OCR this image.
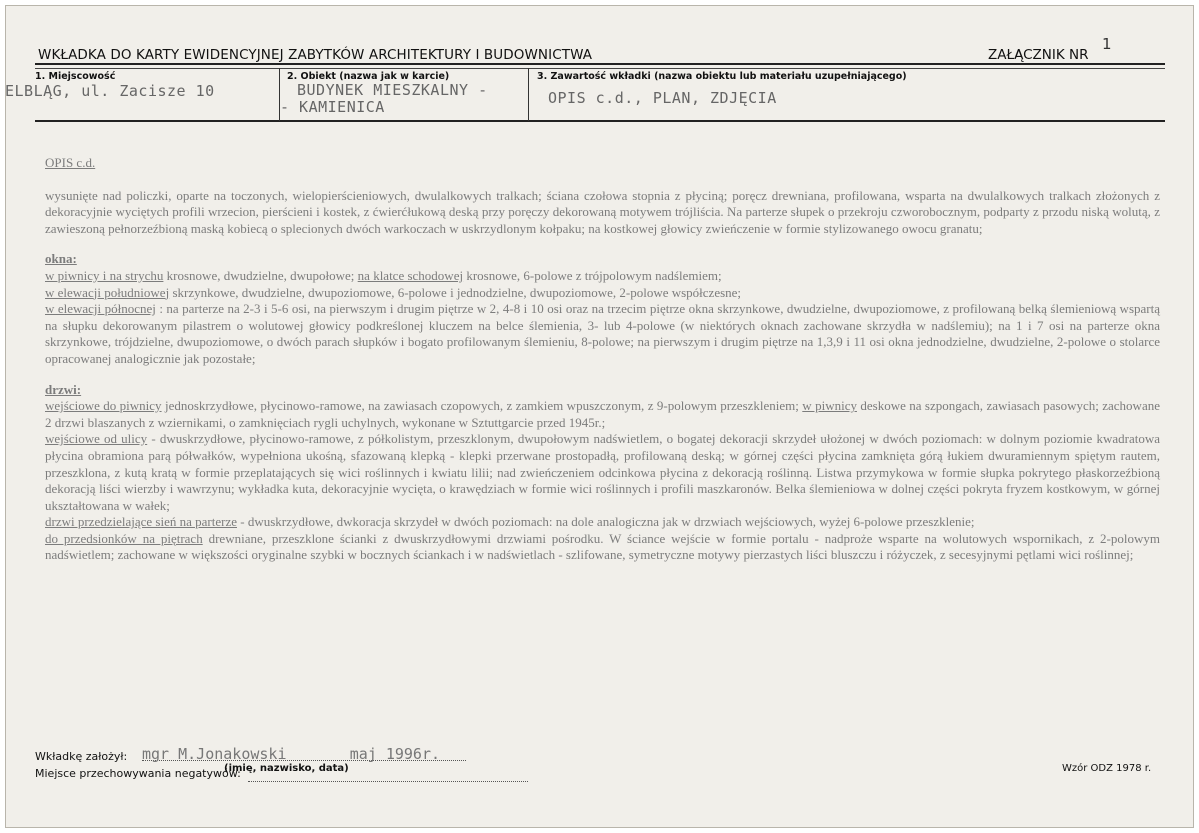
WKŁADKA DO KARTY EWIDENCYJNEJ ZABYTKÓW ARCHITEKTURY I BUDOWNICTWA	ZAŁĄCZNIK NR
1
1. Miejscowość
ELBLĄG, ul. Zacisze 10
2. Obiekt (nazwa jak w karcie)
BUDYNEK MIESZKALNY -
- KAMIENICA
3. Zawartość wkładki (nazwa obiektu lub materiału uzupełniającego)
OPIS c.d., PLAN, ZDJĘCIA

OPIS c.d.

wysunięte nad policzki, oparte na toczonych, wielopierścieniowych, dwulalkowych tralkach; ściana czołowa stopnia z płyciną; poręcz drewniana, profilowana, wsparta na dwulalkowych tralkach złożonych z dekoracyjnie wyciętych profili wrzecion, pierścieni i kostek, z ćwierćłukową deską przy poręczy dekorowaną motywem trójliścia. Na parterze słupek o przekroju czworobocznym, podparty z przodu niską wolutą, z zawieszoną pełnorzeźbioną maską kobiecą o splecionych dwóch warkoczach w uskrzydlonym kołpaku; na kostkowej głowicy zwieńczenie w formie stylizowanego owocu granatu;

okna:

w piwnicy i na strychu krosnowe, dwudzielne, dwupołowe; na klatce schodowej krosnowe, 6-polowe z trójpolowym nadślemiem;

w elewacji południowej skrzynkowe, dwudzielne, dwupoziomowe, 6-polowe i jednodzielne, dwupoziomowe, 2-polowe współczesne;

w elewacji północnej : na parterze na 2-3 i 5-6 osi, na pierwszym i drugim piętrze w 2, 4-8 i 10 osi oraz na trzecim piętrze okna skrzynkowe, dwudzielne, dwupoziomowe, z profilowaną belką ślemieniową wspartą na słupku dekorowanym pilastrem o wolutowej głowicy podkreślonej kluczem na belce ślemienia, 3- lub 4-polowe (w niektórych oknach zachowane skrzydła w nadślemiu); na 1 i 7 osi na parterze okna skrzynkowe, trójdzielne, dwupoziomowe, o dwóch parach słupków i bogato profilowanym ślemieniu, 8-polowe; na pierwszym i drugim piętrze na 1,3,9 i 11 osi okna jednodzielne, dwudzielne, 2-polowe o stolarce opracowanej analogicznie jak pozostałe;

drzwi:

wejściowe do piwnicy jednoskrzydłowe, płycinowo-ramowe, na zawiasach czopowych, z zamkiem wpuszczonym, z 9-polowym przeszkleniem; w piwnicy deskowe na szpongach, zawiasach pasowych; zachowane 2 drzwi blaszanych z wziernikami, o zamknięciach rygli uchylnych, wykonane w Sztuttgarcie przed 1945r.;

wejściowe od ulicy - dwuskrzydłowe, płycinowo-ramowe, z półkolistym, przeszklonym, dwupołowym nadświetlem, o bogatej dekoracji skrzydeł ułożonej w dwóch poziomach: w dolnym poziomie kwadratowa płycina obramiona parą półwałków, wypełniona ukośną, sfazowaną klepką - klepki przerwane prostopadłą, profilowaną deską; w górnej części płycina zamknięta górą łukiem dwuramiennym spiętym rautem, przeszklona, z kutą kratą w formie przeplatających się wici roślinnych i kwiatu lilii; nad zwieńczeniem odcinkowa płycina z dekoracją roślinną. Listwa przymykowa w formie słupka pokrytego płaskorzeźbioną dekoracją liści wierzby i wawrzynu; wykładka kuta, dekoracyjnie wycięta, o krawędziach w formie wici roślinnych i profili maszkaronów. Belka ślemieniowa w dolnej części pokryta fryzem kostkowym, w górnej ukształtowana w wałek;

drzwi przedzielające sień na parterze - dwuskrzydłowe, dwkoracja skrzydeł w dwóch poziomach: na dole analogiczna jak w drzwiach wejściowych, wyżej 6-polowe przeszklenie;

do przedsionków na piętrach drewniane, przeszklone ścianki z dwuskrzydłowymi drzwiami pośrodku. W ściance wejście w formie portalu - nadproże wsparte na wolutowych wspornikach, z 2-polowym nadświetlem; zachowane w większości oryginalne szybki w bocznych ściankach i w nadświetlach - szlifowane, symetryczne motywy pierzastych liści bluszczu i różyczek, z secesyjnymi pętlami wici roślinnej;

Wkładkę założył: mgr M.Jonakowski       maj 1996r.
(imię, nazwisko, data)
Miejsce przechowywania negatywów:	Wzór ODZ 1978 r.
